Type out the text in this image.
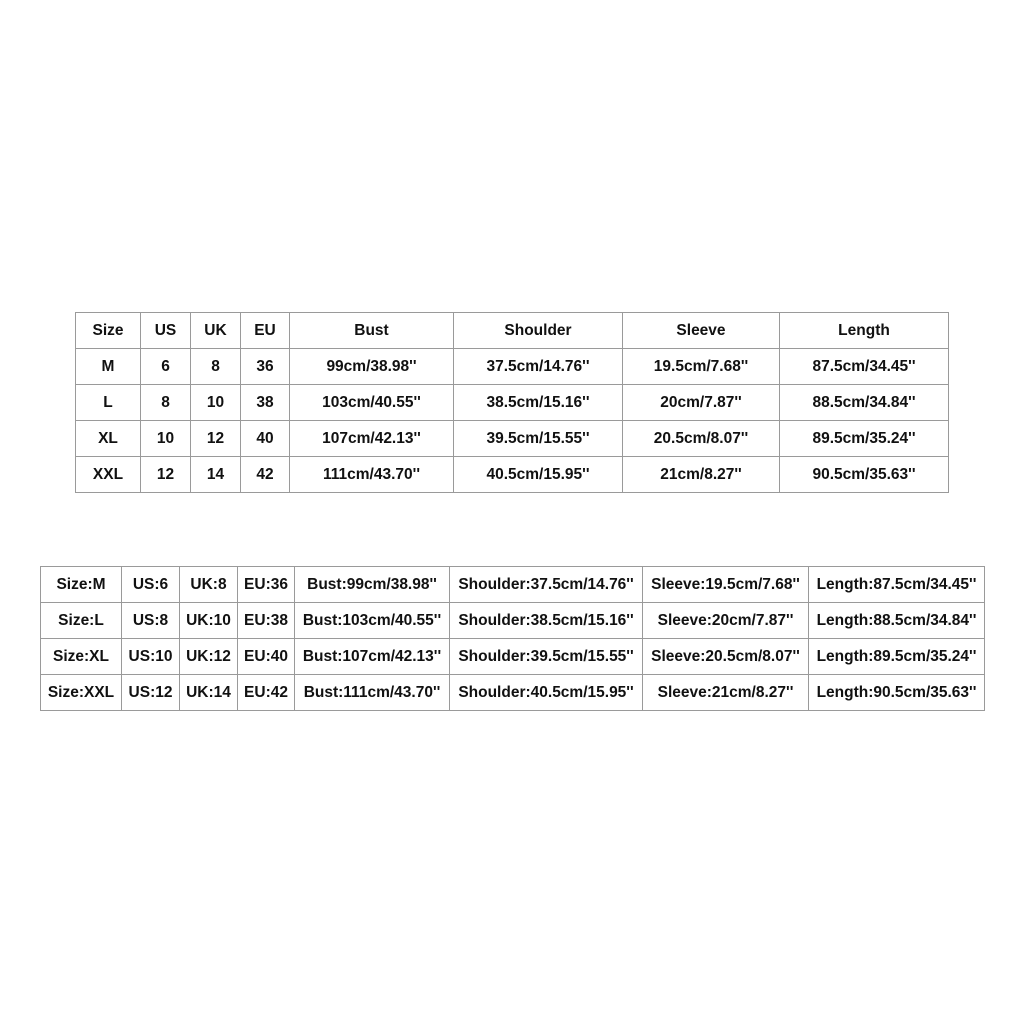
Size	US	UK	EU	Bust	Shoulder	Sleeve	Length
M	6	8	36	99cm/38.98''	37.5cm/14.76''	19.5cm/7.68''	87.5cm/34.45''
L	8	10	38	103cm/40.55''	38.5cm/15.16''	20cm/7.87''	88.5cm/34.84''
XL	10	12	40	107cm/42.13''	39.5cm/15.55''	20.5cm/8.07''	89.5cm/35.24''
XXL	12	14	42	111cm/43.70''	40.5cm/15.95''	21cm/8.27''	90.5cm/35.63''
Size:M	US:6	UK:8	EU:36	Bust:99cm/38.98''	Shoulder:37.5cm/14.76''	Sleeve:19.5cm/7.68''	Length:87.5cm/34.45''
Size:L	US:8	UK:10	EU:38	Bust:103cm/40.55''	Shoulder:38.5cm/15.16''	Sleeve:20cm/7.87''	Length:88.5cm/34.84''
Size:XL	US:10	UK:12	EU:40	Bust:107cm/42.13''	Shoulder:39.5cm/15.55''	Sleeve:20.5cm/8.07''	Length:89.5cm/35.24''
Size:XXL	US:12	UK:14	EU:42	Bust:111cm/43.70''	Shoulder:40.5cm/15.95''	Sleeve:21cm/8.27''	Length:90.5cm/35.63''
